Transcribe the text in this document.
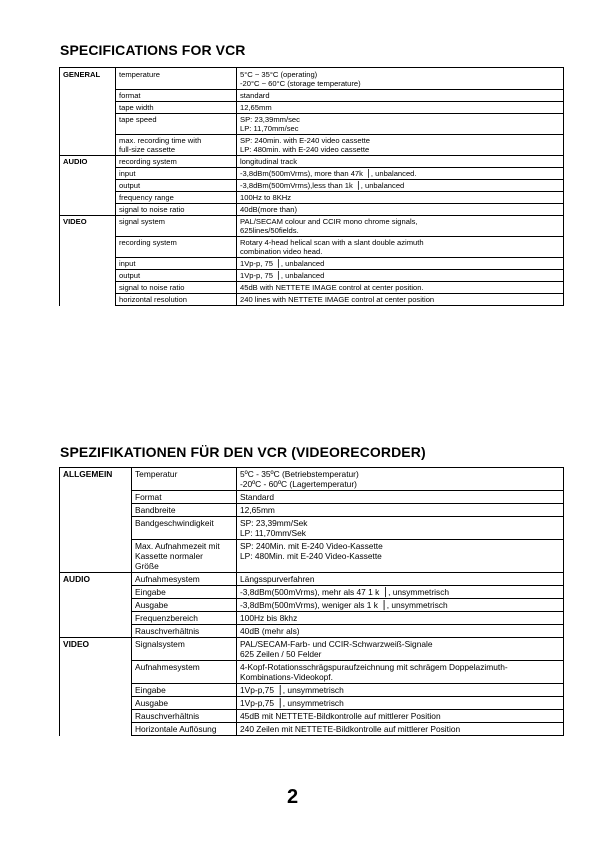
SPECIFICATIONS FOR VCR
GENERAL	temperature	5°C ~ 35°C (operating)
-20°C ~ 60°C (storage temperature)
	format	standard
	tape width	12,65mm
	tape speed	SP: 23,39mm/sec
LP: 11,70mm/sec
	max. recording time with
full-size cassette	SP: 240min. with E-240 video cassette
LP: 480min. with E-240 video cassette
AUDIO	recording system	longitudinal track
	input	-3,8dBm(500mVrms), more than 47k▕ , unbalanced.
	output	-3,8dBm(500mVrms),less than 1k▕ , unbalanced
	frequency range	100Hz to 8KHz
	signal to noise ratio	40dB(more than)
VIDEO	signal system	PAL/SECAM colour and CCIR mono chrome signals,
625lines/50fields.
	recording system	Rotary 4-head helical scan with a slant double azimuth
combination video head.
	input	1Vp-p, 75▕ , unbalanced
	output	1Vp-p, 75▕ , unbalanced
	signal to noise ratio	45dB with NETTETE IMAGE control at center position.
	horizontal resolution	240 lines with NETTETE IMAGE control at center position
SPEZIFIKATIONEN FÜR DEN VCR (VIDEORECORDER)
ALLGEMEIN	Temperatur	5ºC - 35ºC (Betriebstemperatur)
-20ºC - 60ºC (Lagertemperatur)
	Format	Standard
	Bandbreite	12,65mm
	Bandgeschwindigkeit	SP: 23,39mm/Sek
LP: 11,70mm/Sek
	Max. Aufnahmezeit mit
Kassette normaler
Größe	SP: 240Min. mit E-240 Video-Kassette
LP: 480Min. mit E-240 Video-Kassette
AUDIO	Aufnahmesystem	Längsspurverfahren
	Eingabe	-3,8dBm(500mVrms), mehr als 47 1 k▕ , unsymmetrisch
	Ausgabe	-3,8dBm(500mVrms), weniger als 1 k▕ , unsymmetrisch
	Frequenzbereich	100Hz bis 8khz
	Rauschverhältnis	40dB (mehr als)
VIDEO	Signalsystem	PAL/SECAM-Farb- und CCIR-Schwarzweiß-Signale
625 Zeilen / 50 Felder
	Aufnahmesystem	4-Kopf-Rotationsschrägspuraufzeichnung mit schrägem Doppelazimuth-
Kombinations-Videokopf.
	Eingabe	1Vp-p,75▕ , unsymmetrisch
	Ausgabe	1Vp-p,75▕ , unsymmetrisch
	Rauschverhältnis	45dB mit NETTETE-Bildkontrolle auf mittlerer Position
	Horizontale Auflösung	240 Zeilen mit NETTETE-Bildkontrolle auf mittlerer Position
2
